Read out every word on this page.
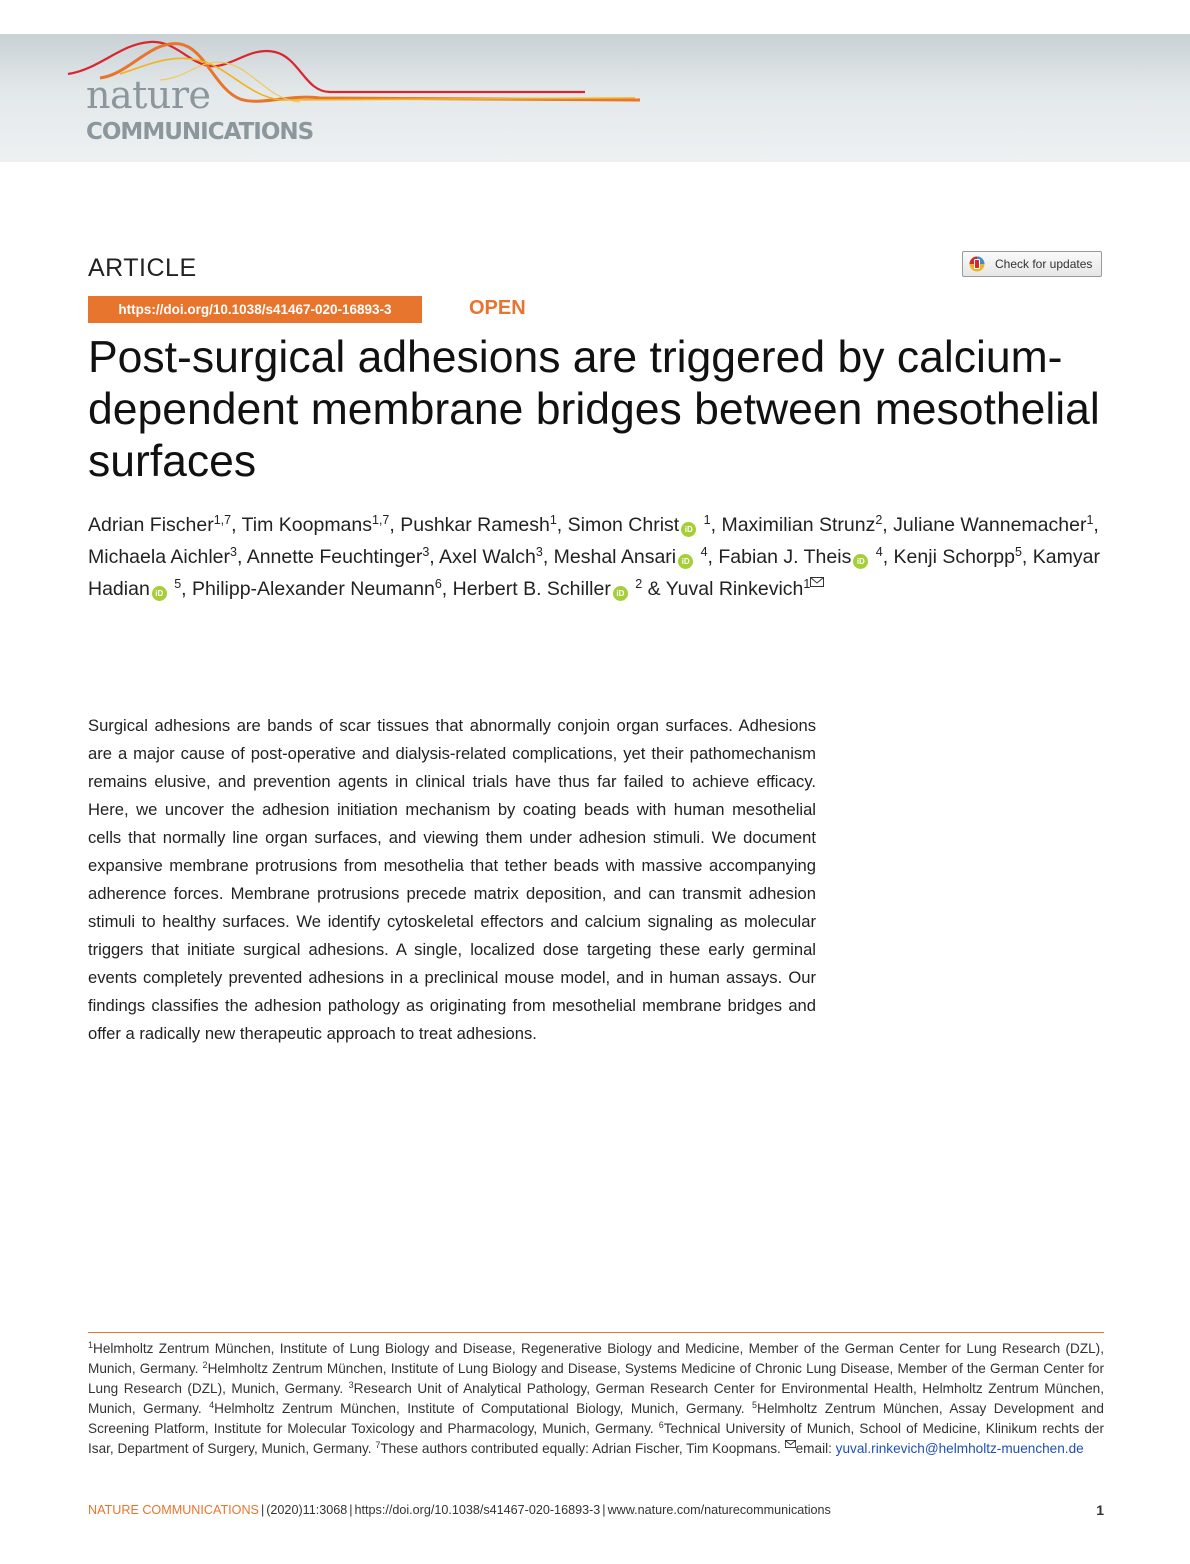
nature
COMMUNICATIONS
ARTICLE	Check for updates
https://doi.org/10.1038/s41467-020-16893-3	OPEN
Post-surgical adhesions are triggered by calcium-dependent membrane bridges between mesothelial surfaces
Adrian Fischer$^{1,7}$, Tim Koopmans$^{1,7}$, Pushkar Ramesh$^1$, Simon Christ iD $^1$, Maximilian Strunz$^2$, Juliane Wannemacher$^1$, Michaela Aichler$^3$, Annette Feuchtinger$^3$, Axel Walch$^3$, Meshal Ansari iD $^4$, Fabian J. Theis iD $^4$, Kenji Schorpp$^5$, Kamyar Hadian iD $^5$, Philipp-Alexander Neumann$^6$, Herbert B. Schiller iD $^2$ & Yuval Rinkevich$^1$

Surgical adhesions are bands of scar tissues that abnormally conjoin organ surfaces. Adhesions are a major cause of post-operative and dialysis-related complications, yet their pathomechanism remains elusive, and prevention agents in clinical trials have thus far failed to achieve efficacy. Here, we uncover the adhesion initiation mechanism by coating beads with human mesothelial cells that normally line organ surfaces, and viewing them under adhesion stimuli. We document expansive membrane protrusions from mesothelia that tether beads with massive accompanying adherence forces. Membrane protrusions precede matrix deposition, and can transmit adhesion stimuli to healthy surfaces. We identify cytoskeletal effectors and calcium signaling as molecular triggers that initiate surgical adhesions. A single, localized dose targeting these early germinal events completely prevented adhesions in a preclinical mouse model, and in human assays. Our findings classifies the adhesion pathology as originating from mesothelial membrane bridges and offer a radically new therapeutic approach to treat adhesions.

$^1$Helmholtz Zentrum München, Institute of Lung Biology and Disease, Regenerative Biology and Medicine, Member of the German Center for Lung Research (DZL), Munich, Germany. $^2$Helmholtz Zentrum München, Institute of Lung Biology and Disease, Systems Medicine of Chronic Lung Disease, Member of the German Center for Lung Research (DZL), Munich, Germany. $^3$Research Unit of Analytical Pathology, German Research Center for Environmental Health, Helmholtz Zentrum München, Munich, Germany. $^4$Helmholtz Zentrum München, Institute of Computational Biology, Munich, Germany. $^5$Helmholtz Zentrum München, Assay Development and Screening Platform, Institute for Molecular Toxicology and Pharmacology, Munich, Germany. $^6$Technical University of Munich, School of Medicine, Klinikum rechts der Isar, Department of Surgery, Munich, Germany. $^7$These authors contributed equally: Adrian Fischer, Tim Koopmans. email: yuval.rinkevich@helmholtz-muenchen.de

NATURE COMMUNICATIONS | (2020)11:3068 | https://doi.org/10.1038/s41467-020-16893-3 | www.nature.com/naturecommunications	1
